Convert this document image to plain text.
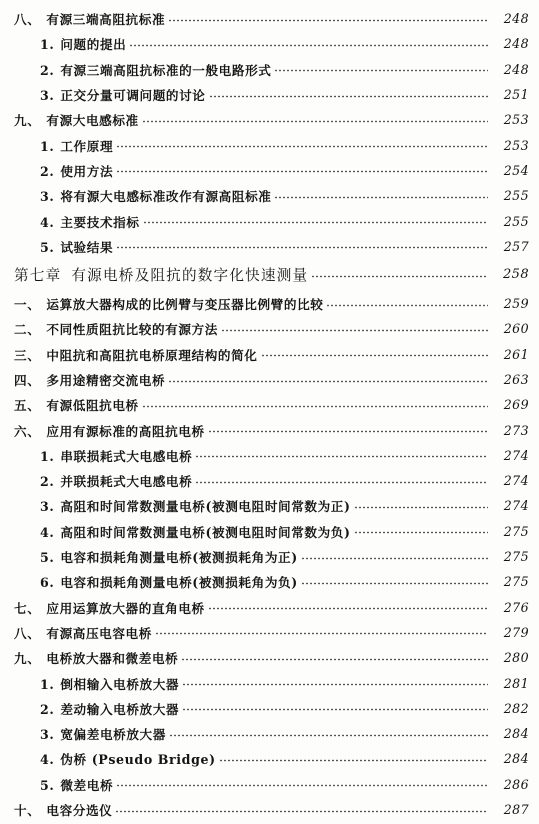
八、 有源三端高阻抗标准	248
1. 问题的提出	248
2. 有源三端高阻抗标准的一般电路形式	248
3. 正交分量可调问题的讨论	251
九、 有源大电感标准	253
1. 工作原理	253
2. 使用方法	254
3. 将有源大电感标准改作有源高阻标准	255
4. 主要技术指标	255
5. 试验结果	257
第七章 有源电桥及阻抗的数字化快速测量	258
一、 运算放大器构成的比例臂与变压器比例臂的比较	259
二、 不同性质阻抗比较的有源方法	260
三、 中阻抗和高阻抗电桥原理结构的简化	261
四、 多用途精密交流电桥	263
五、 有源低阻抗电桥	269
六、 应用有源标准的高阻抗电桥	273
1. 串联损耗式大电感电桥	274
2. 并联损耗式大电感电桥	274
3. 高阻和时间常数测量电桥(被测电阻时间常数为正)	274
4. 高阻和时间常数测量电桥(被测电阻时间常数为负)	275
5. 电容和损耗角测量电桥(被测损耗角为正)	275
6. 电容和损耗角测量电桥(被测损耗角为负)	275
七、 应用运算放大器的直角电桥	276
八、 有源高压电容电桥	279
九、 电桥放大器和微差电桥	280
1. 倒相输入电桥放大器	281
2. 差动输入电桥放大器	282
3. 宽偏差电桥放大器	284
4. 伪桥 (Pseudo Bridge)	284
5. 微差电桥	286
十、 电容分选仪	287
